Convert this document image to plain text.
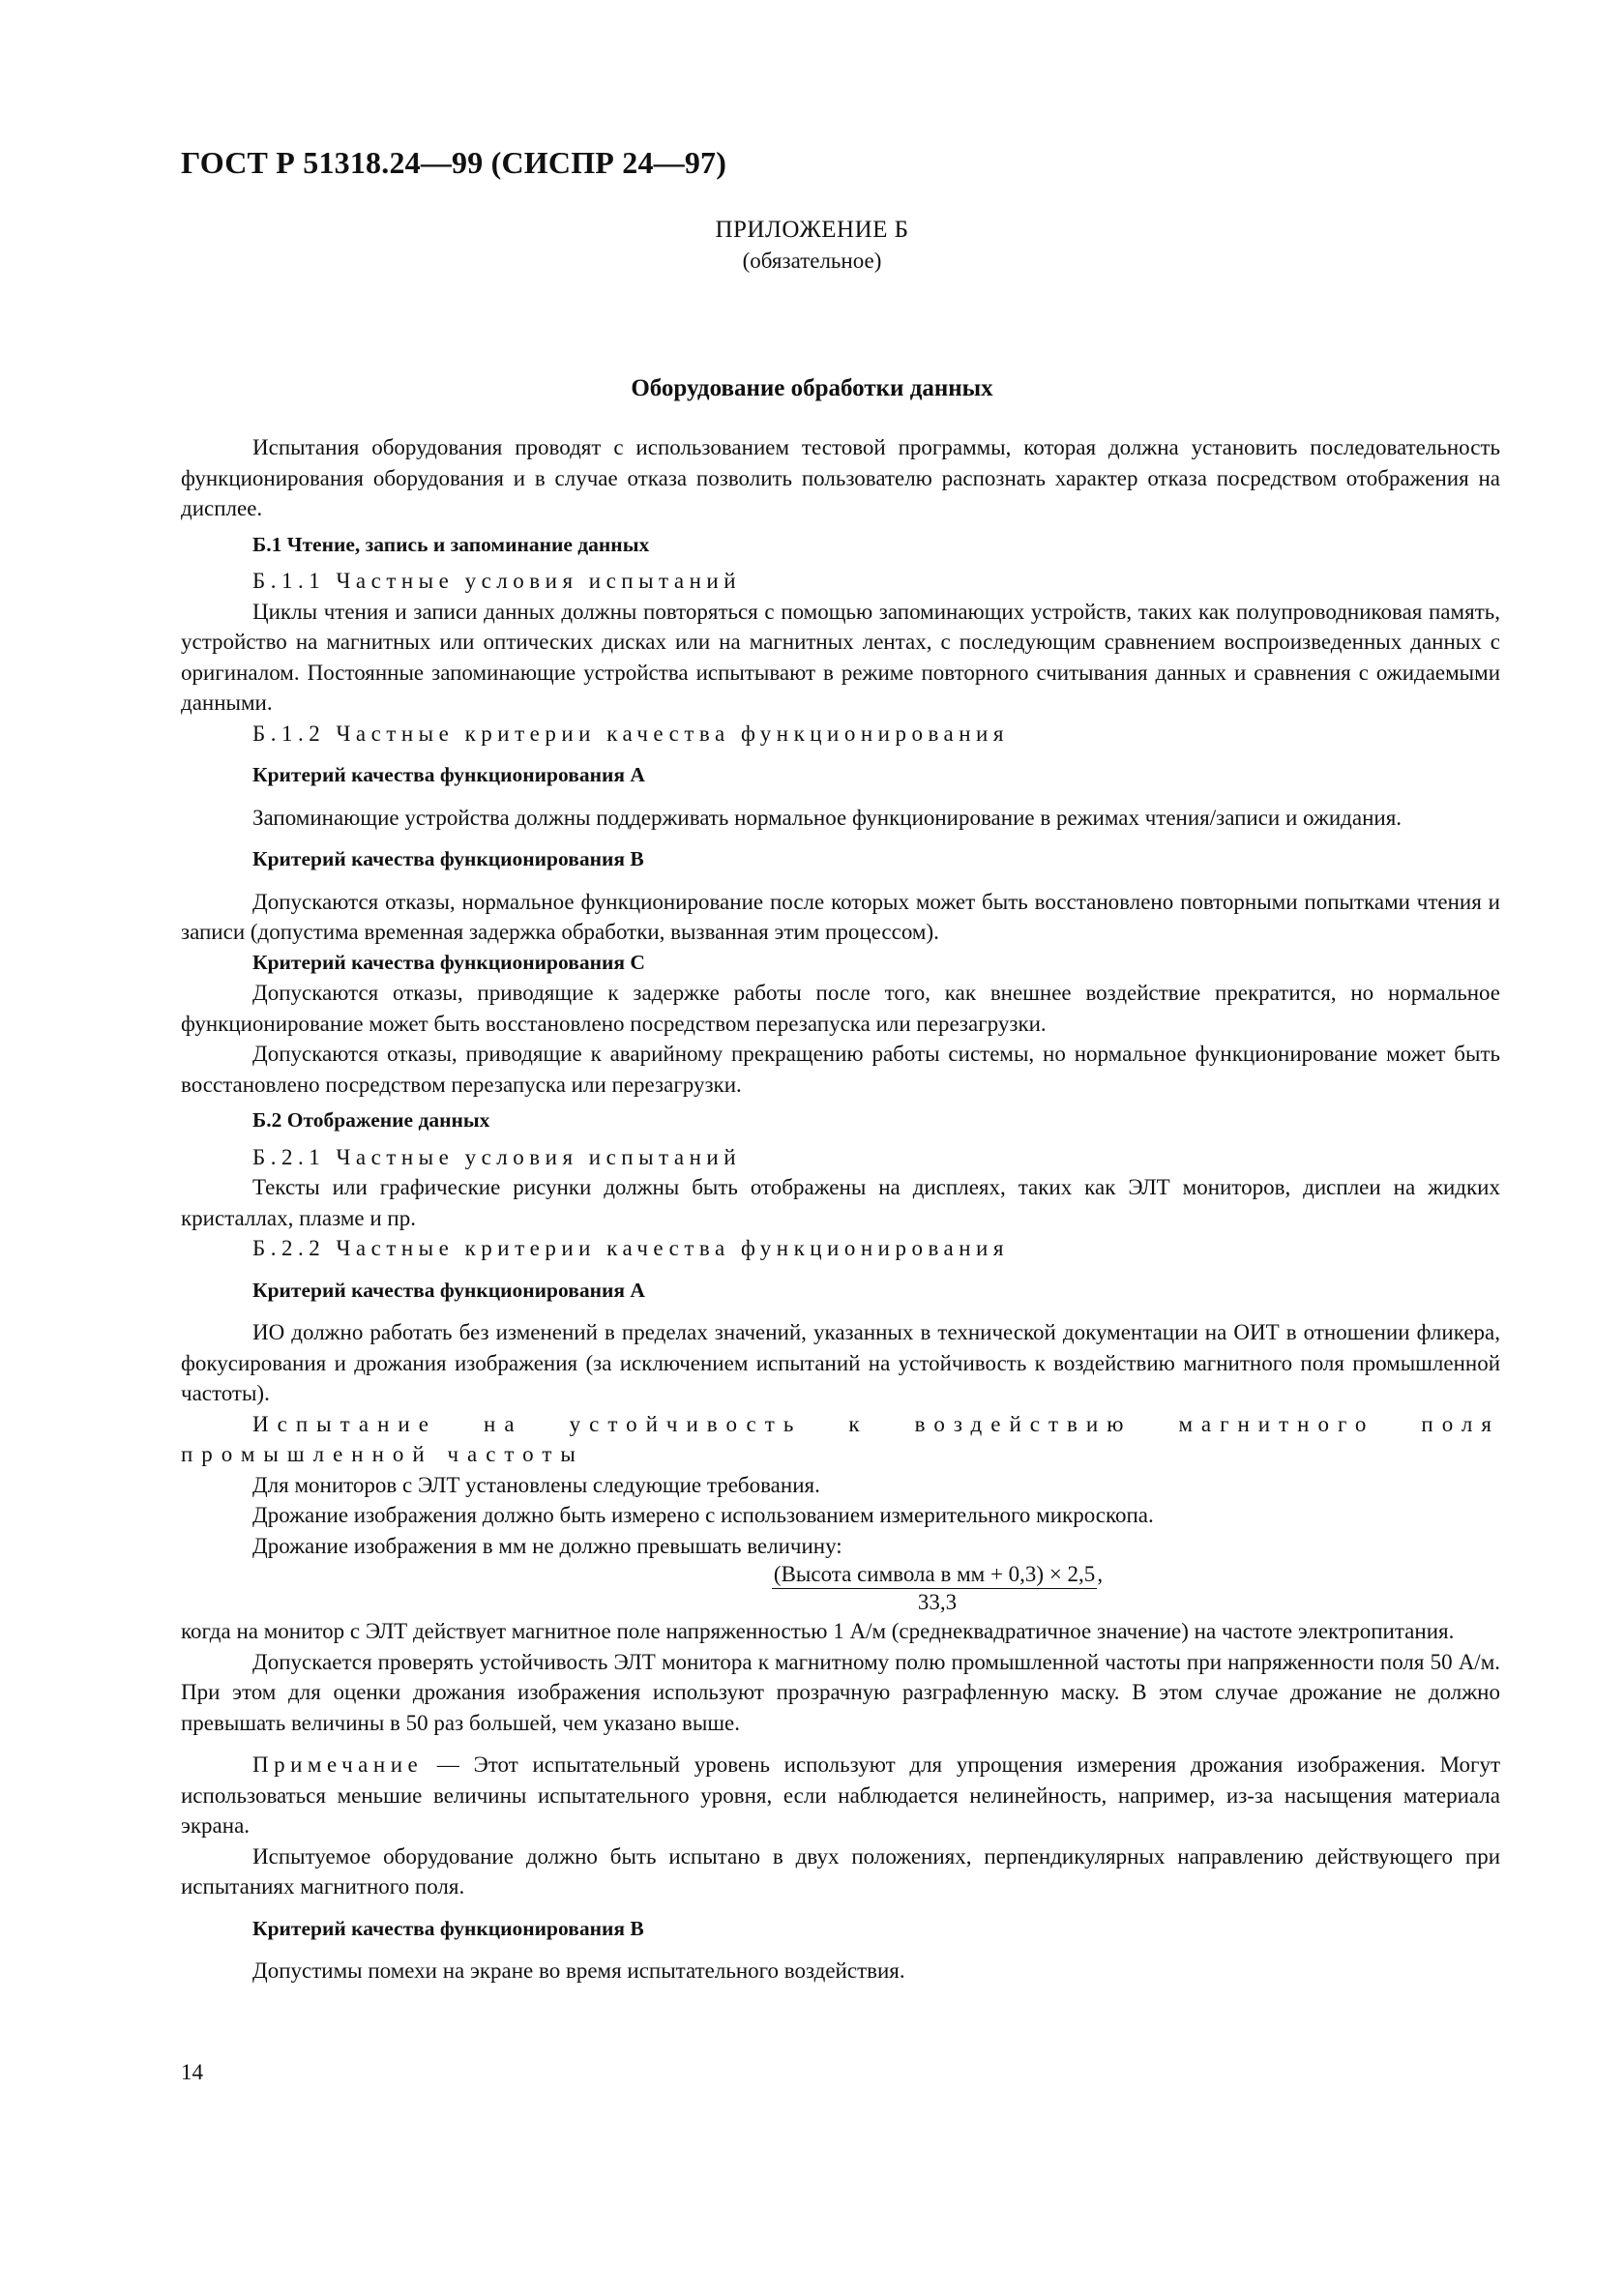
ГОСТ Р 51318.24—99 (СИСПР 24—97)
ПРИЛОЖЕНИЕ Б
(обязательное)
Оборудование обработки данных

Испытания оборудования проводят с использованием тестовой программы, которая должна установить последовательность функционирования оборудования и в случае отказа позволить пользователю распознать характер отказа посредством отображения на дисплее.

Б.1 Чтение, запись и запоминание данных

Б.1.1 Частные условия испытаний

Циклы чтения и записи данных должны повторяться с помощью запоминающих устройств, таких как полупроводниковая память, устройство на магнитных или оптических дисках или на магнитных лентах, с последующим сравнением воспроизведенных данных с оригиналом. Постоянные запоминающие устройства испытывают в режиме повторного считывания данных и сравнения с ожидаемыми данными.

Б.1.2 Частные критерии качества функционирования

Критерий качества функционирования А

Запоминающие устройства должны поддерживать нормальное функционирование в режимах чтения/записи и ожидания.

Критерий качества функционирования В

Допускаются отказы, нормальное функционирование после которых может быть восстановлено повторными попытками чтения и записи (допустима временная задержка обработки, вызванная этим процессом).

Критерий качества функционирования С

Допускаются отказы, приводящие к задержке работы после того, как внешнее воздействие прекратится, но нормальное функционирование может быть восстановлено посредством перезапуска или перезагрузки.

Допускаются отказы, приводящие к аварийному прекращению работы системы, но нормальное функционирование может быть восстановлено посредством перезапуска или перезагрузки.

Б.2 Отображение данных

Б.2.1 Частные условия испытаний

Тексты или графические рисунки должны быть отображены на дисплеях, таких как ЭЛТ мониторов, дисплеи на жидких кристаллах, плазме и пр.

Б.2.2 Частные критерии качества функционирования

Критерий качества функционирования А

ИО должно работать без изменений в пределах значений, указанных в технической документации на ОИТ в отношении фликера, фокусирования и дрожания изображения (за исключением испытаний на устойчивость к воздействию магнитного поля промышленной частоты).

Испытание на устойчивость к воздействию магнитного поля промышленной частоты

Для мониторов с ЭЛТ установлены следующие требования.

Дрожание изображения должно быть измерено с использованием измерительного микроскопа.

Дрожание изображения в мм не должно превышать величину:

(Высота символа в мм + 0,3) × 2,5,
33,3

когда на монитор с ЭЛТ действует магнитное поле напряженностью 1 А/м (среднеквадратичное значение) на частоте электропитания.

Допускается проверять устойчивость ЭЛТ монитора к магнитному полю промышленной частоты при напряженности поля 50 А/м. При этом для оценки дрожания изображения используют прозрачную разграфленную маску. В этом случае дрожание не должно превышать величины в 50 раз большей, чем указано выше.

Примечание — Этот испытательный уровень используют для упрощения измерения дрожания изображения. Могут использоваться меньшие величины испытательного уровня, если наблюдается нелинейность, например, из-за насыщения материала экрана.

Испытуемое оборудование должно быть испытано в двух положениях, перпендикулярных направлению действующего при испытаниях магнитного поля.

Критерий качества функционирования В

Допустимы помехи на экране во время испытательного воздействия.

14
